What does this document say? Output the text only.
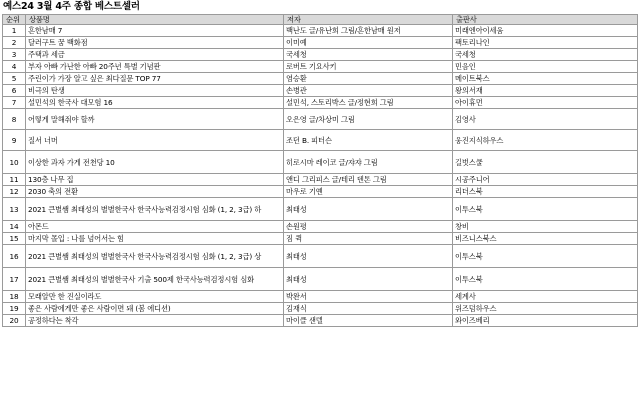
예스24 3월 4주 종합 베스트셀러
순위	상품명	저자	출판사
1	흔한남매 7	백난도 글/유난희 그림/흔한남매 원저	미래엔아이세움
2	달러구트 꿈 백화점	이미예	팩토리나인
3	주택과 세금	국세청	국세청
4	부자 아빠 가난한 아빠 20주년 특별 기념판	로버트 기요사키	민음인
5	주린이가 가장 알고 싶은 최다질문 TOP 77	염승환	메이트북스
6	비극의 탄생	손병관	왕의서재
7	설민석의 한국사 대모험 16	설민석, 스토리박스 글/정현희 그림	아이휴먼
8	어떻게 말해줘야 할까	오은영 글/차상미 그림	김영사
9	질서 너머	조던 B. 피터슨	웅진지식하우스
10	이상한 과자 가게 전천당 10	히로시마 레이코 글/쟈쟈 그림	길벗스쿨
11	130층 나무 집	앤디 그리피스 글/테리 덴톤 그림	시공주니어
12	2030 축의 전환	마우로 기옌	리더스북
13	2021 큰별쌤 최태성의 별별한국사 한국사능력검정시험 심화 (1, 2, 3급) 하	최태성	이투스북
14	아몬드	손원평	창비
15	마지막 몰입 : 나를 넘어서는 힘	짐 퀵	비즈니스북스
16	2021 큰별쌤 최태성의 별별한국사 한국사능력검정시험 심화 (1, 2, 3급) 상	최태성	이투스북
17	2021 큰별쌤 최태성의 별별한국사 기출 500제 한국사능력검정시험 심화	최태성	이투스북
18	모래알만 한 진실이라도	박완서	세계사
19	좋은 사람에게만 좋은 사람이면 돼 (봄 에디션)	김재식	위즈덤하우스
20	공정하다는 착각	마이클 샌델	와이즈베리
